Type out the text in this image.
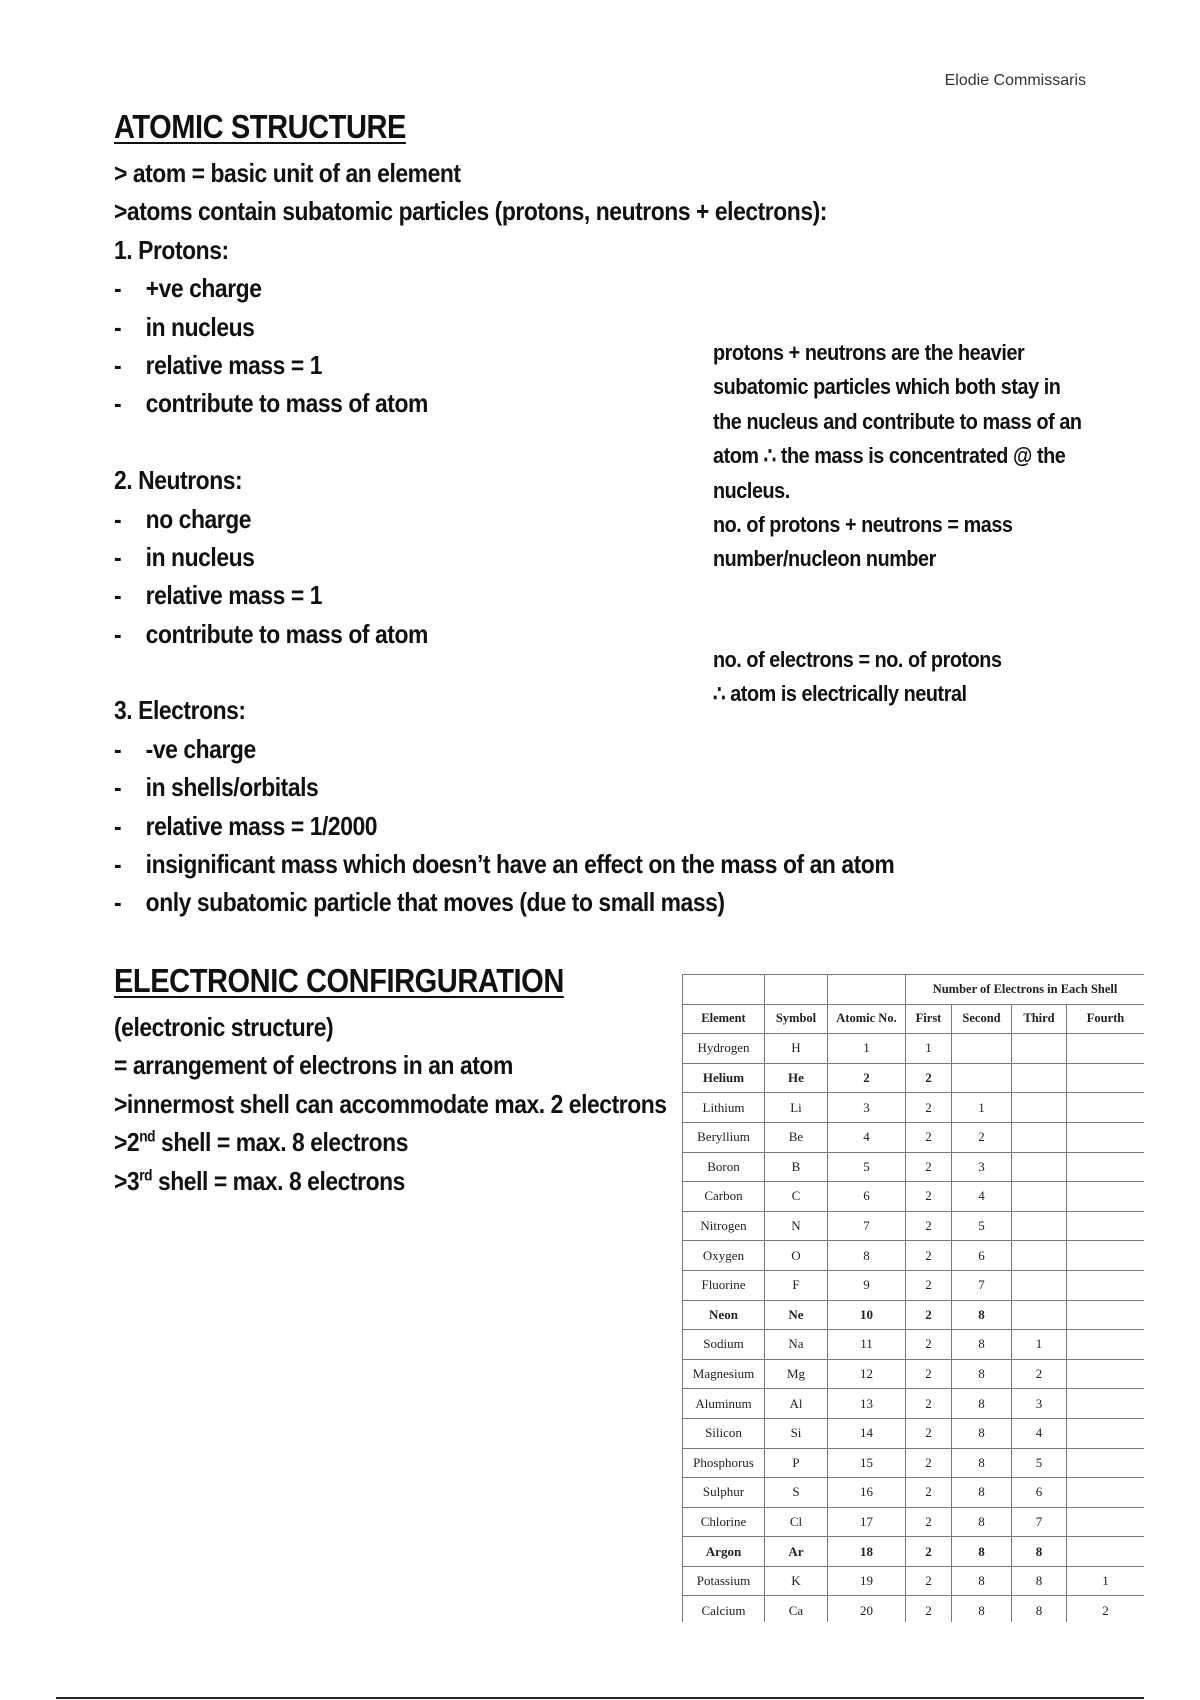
Elodie Commissaris
ATOMIC STRUCTURE
> atom = basic unit of an element
>atoms contain subatomic particles (protons, neutrons + electrons):
1. Protons:
- +ve charge
- in nucleus
- relative mass = 1
- contribute to mass of atom
2. Neutrons:
- no charge
- in nucleus
- relative mass = 1
- contribute to mass of atom
3. Electrons:
- -ve charge
- in shells/orbitals
- relative mass = 1/2000
- insignificant mass which doesn’t have an effect on the mass of an atom
- only subatomic particle that moves (due to small mass)
protons + neutrons are the heavier
subatomic particles which both stay in
the nucleus and contribute to mass of an
atom ∴ the mass is concentrated @ the
nucleus.
no. of protons + neutrons = mass
number/nucleon number
no. of electrons = no. of protons
∴ atom is electrically neutral
ELECTRONIC CONFIRGURATION
(electronic structure)
= arrangement of electrons in an atom
>innermost shell can accommodate max. 2 electrons
>2nd shell = max. 8 electrons
>3rd shell = max. 8 electrons
			Number of Electrons in Each Shell			
Element	Symbol	Atomic No.	First	Second	Third	Fourth
Hydrogen	H	1	1			
Helium	He	2	2			
Lithium	Li	3	2	1		
Beryllium	Be	4	2	2		
Boron	B	5	2	3		
Carbon	C	6	2	4		
Nitrogen	N	7	2	5		
Oxygen	O	8	2	6		
Fluorine	F	9	2	7		
Neon	Ne	10	2	8		
Sodium	Na	11	2	8	1	
Magnesium	Mg	12	2	8	2	
Aluminum	Al	13	2	8	3	
Silicon	Si	14	2	8	4	
Phosphorus	P	15	2	8	5	
Sulphur	S	16	2	8	6	
Chlorine	Cl	17	2	8	7	
Argon	Ar	18	2	8	8	
Potassium	K	19	2	8	8	1
Calcium	Ca	20	2	8	8	2
